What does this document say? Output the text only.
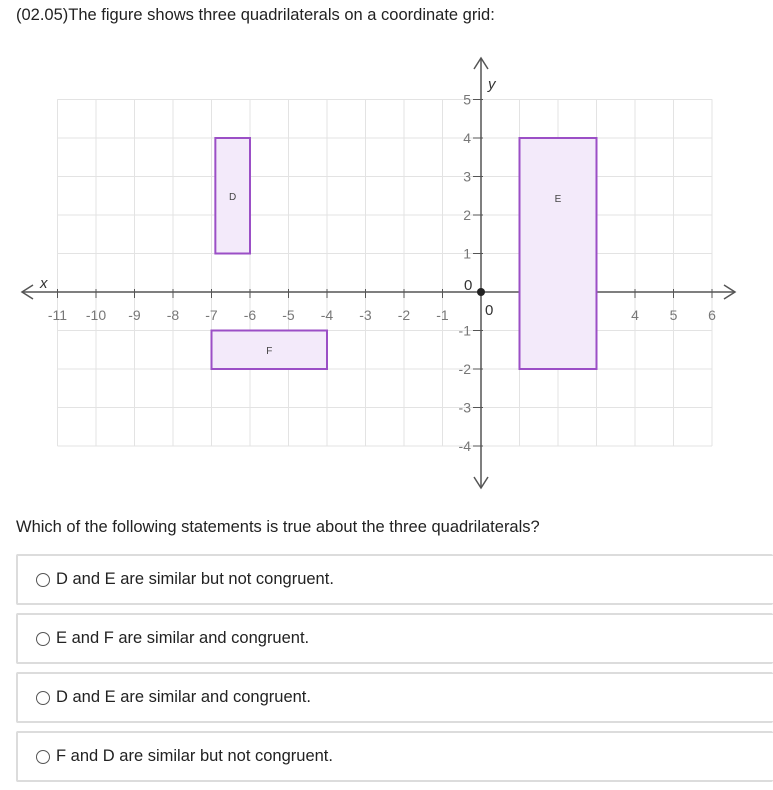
(02.05)The figure shows three quadrilaterals on a coordinate grid:
x
y
0
0
-11 -10 -9 -8 -7 -6 -5 -4 -3 -2 -1	4 5 6
5
4
3
2
1
-1
-2
-3
-4
D	E
F
Which of the following statements is true about the three quadrilaterals?
D and E are similar but not congruent.
E and F are similar and congruent.
D and E are similar and congruent.
F and D are similar but not congruent.
